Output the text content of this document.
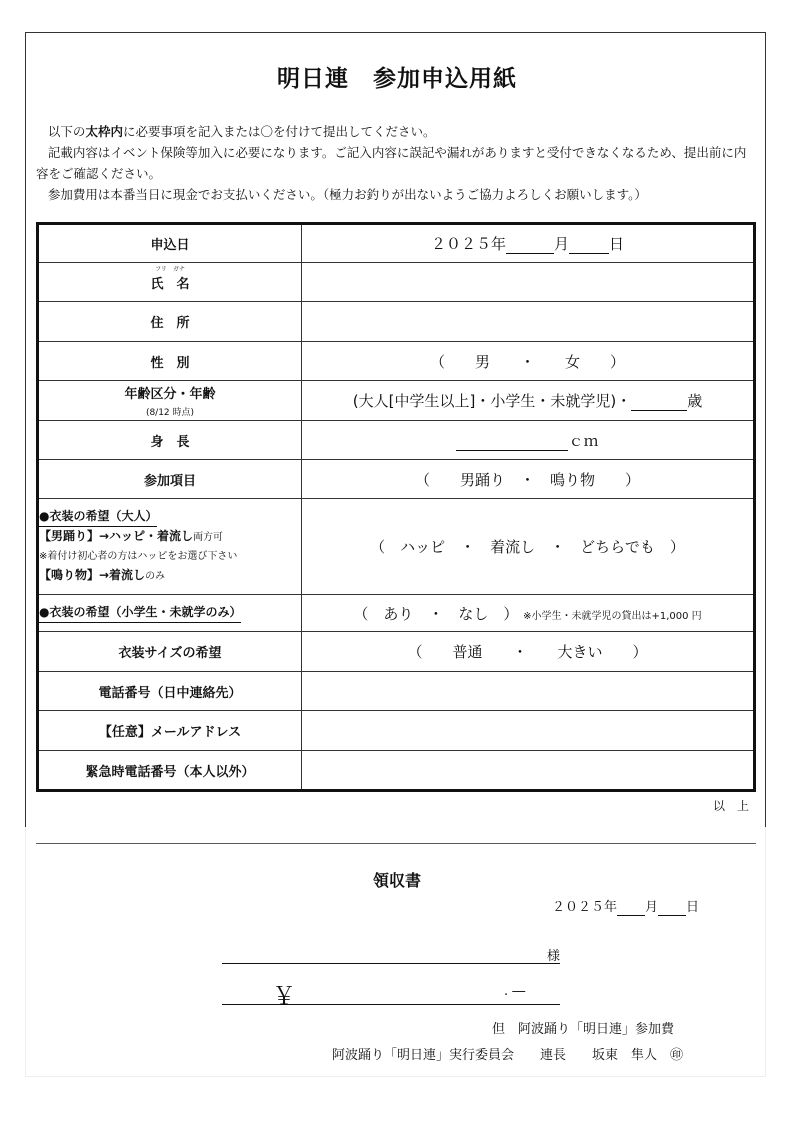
明日連　参加申込用紙

以下の太枠内に必要事項を記入または〇を付けて提出してください。

記載内容はイベント保険等加入に必要になります。ご記入内容に誤記や漏れがありますと受付できなくなるため、提出前に内容をご確認ください。

参加費用は本番当日に現金でお支払いください。（極力お釣りが出ないようご協力よろしくお願いします。）

申込日	２０２５年 月 日

フリ　ガナ
氏　名	
住　所	
性　別	（　　男　　・　　女　　）
年齢区分・年齢
(8/12 時点)	(大人[中学生以上]・小学生・未就学児)・ 歳
身　長	ｃｍ
参加項目	（　　男踊り　・　鳴り物　　）

●衣装の希望（大人）
【男踊り】→ハッピ・着流し両方可
※着付け初心者の方はハッピをお選び下さい
【鳴り物】→着流しのみ	（　ハッピ　・　着流し　・　どちらでも　）
●衣装の希望（小学生・未就学のみ）	（　あり　・　なし　） ※小学生・未就学児の貸出は+1,000 円
衣装サイズの希望	（　　普通　　・　　大きい　　）
電話番号（日中連絡先）	
【任意】メールアドレス	
緊急時電話番号（本人以外）	
以　上
――――――――――――――――――――――――――――――――――――――――――――――――――――――――――――
領収書
２０２５年 月 日
様
￥	. ―
但　阿波踊り「明日連」参加費
阿波踊り「明日連」実行委員会　　連長　　坂東　隼人　㊞
